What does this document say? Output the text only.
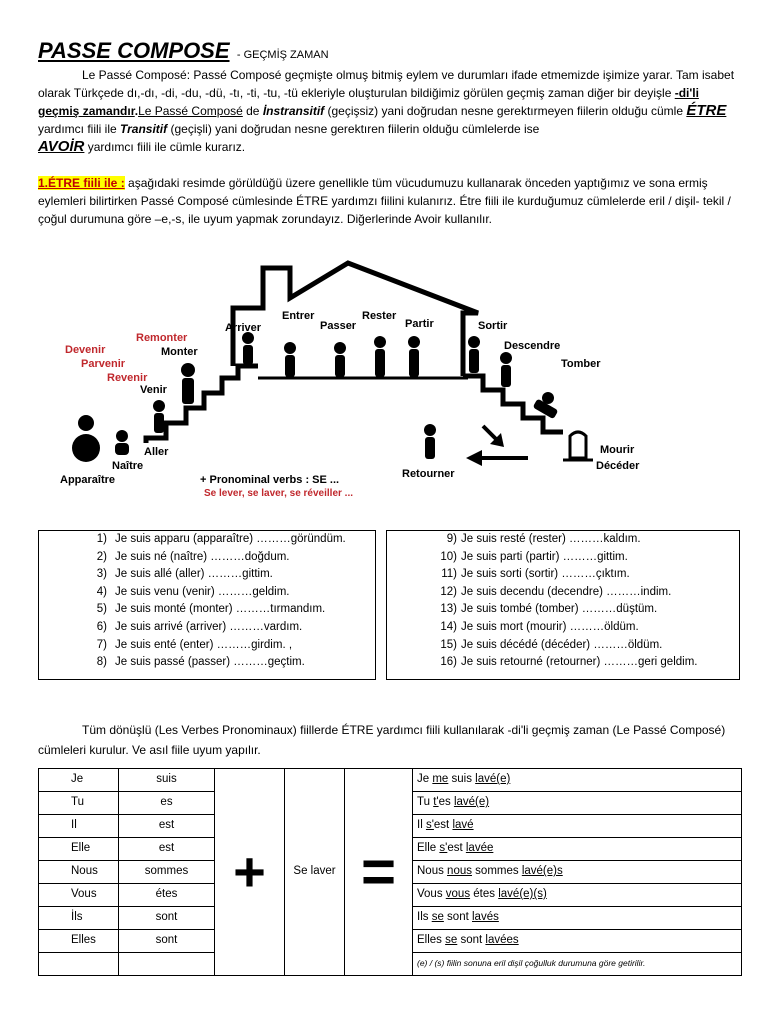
PASSE COMPOSE - GEÇMİŞ ZAMAN
Le Passé Composé: Passé Composé geçmişte olmuş bitmiş eylem ve durumları ifade etmemizde işimize yarar. Tam isabet olarak Türkçede dı,-dı, -di, -du, -dü, -tı, -ti, -tu, -tü ekleriyle oluşturulan bildiğimiz görülen geçmiş zaman diğer bir deyişle -di'li geçmiş zamandır.Le Passé Composé de İnstransitif (geçişsiz) yani doğrudan nesne gerektırmeyen fiilerin olduğu cümle ÉTRE yardımcı fiili ile Transitif (geçişli) yani doğrudan nesne gerektıren fiilerin olduğu cümlelerde ise
AVOİR yardımcı fiili ile cümle kurarız.
1.ÉTRE fiili ile : aşağıdaki resimde görüldüğü üzere genellikle tüm vücudumuzu kullanarak önceden yaptığımız ve sona ermiş eylemleri bilirtirken Passé Composé cümlesinde ÉTRE yardımzı fiilini kulanırız. Étre fiili ile kurduğumuz cümlelerde eril / dişil- tekil / çoğul durumuna göre –e,-s, ile uyum yapmak zorundayız. Diğerlerinde Avoir kullanılır.
Devenir
Parvenir
Revenir
Remonter
Monter
Venir
Aller
Naître
Apparaître
Arriver
Entrer
Passer
Rester
Partir	Sortir
Descendre
Tomber
Mourir
Décéder
Retourner
+ Pronominal verbs : SE ...
Se lever, se laver, se réveiller ...
1) Je suis apparu (apparaître) ………göründüm.
2) Je suis né (naître) ………doğdum.
3) Je suis allé (aller) ………gittim.
4) Je suis venu (venir) ………geldim.
5) Je suis monté (monter) ………tırmandım.
6) Je suis arrivé (arriver) ………vardım.
7) Je suis enté (enter) ………girdim. ,
8) Je suis passé (passer) ………geçtim.
9) Je suis resté (rester) ………kaldım.
10) Je suis parti (partir) ………gittim.
11) Je suis sorti (sortir) ………çıktım.
12) Je suis decendu (decendre) ………indim.
13) Je suis tombé (tomber) ………düştüm.
14) Je suis mort (mourir) ………öldüm.
15) Je suis décédé (décéder) ………öldüm.
16) Je suis retourné (retourner) ………geri geldim.
Tüm dönüşlü (Les Verbes Pronominaux) fiillerde ÉTRE yardımcı fiili kullanılarak -di'li geçmiş zaman (Le Passé Composé) cümleleri kurulur. Ve asıl fiile uyum yapılır.
Je	suis	+	Se laver	=	Je me suis lavé(e)
Tu	es				Tu t'es lavé(e)
Il	est				Il s'est lavé
Elle	est				Elle s'est lavée
Nous	sommes				Nous nous sommes lavé(e)s
Vous	étes				Vous vous étes lavé(e)(s)
İls	sont				Ils se sont lavés
Elles	sont				Elles se sont lavées
					(e) / (s) fiilin sonuna eril dişil çoğulluk durumuna göre getirilir.
